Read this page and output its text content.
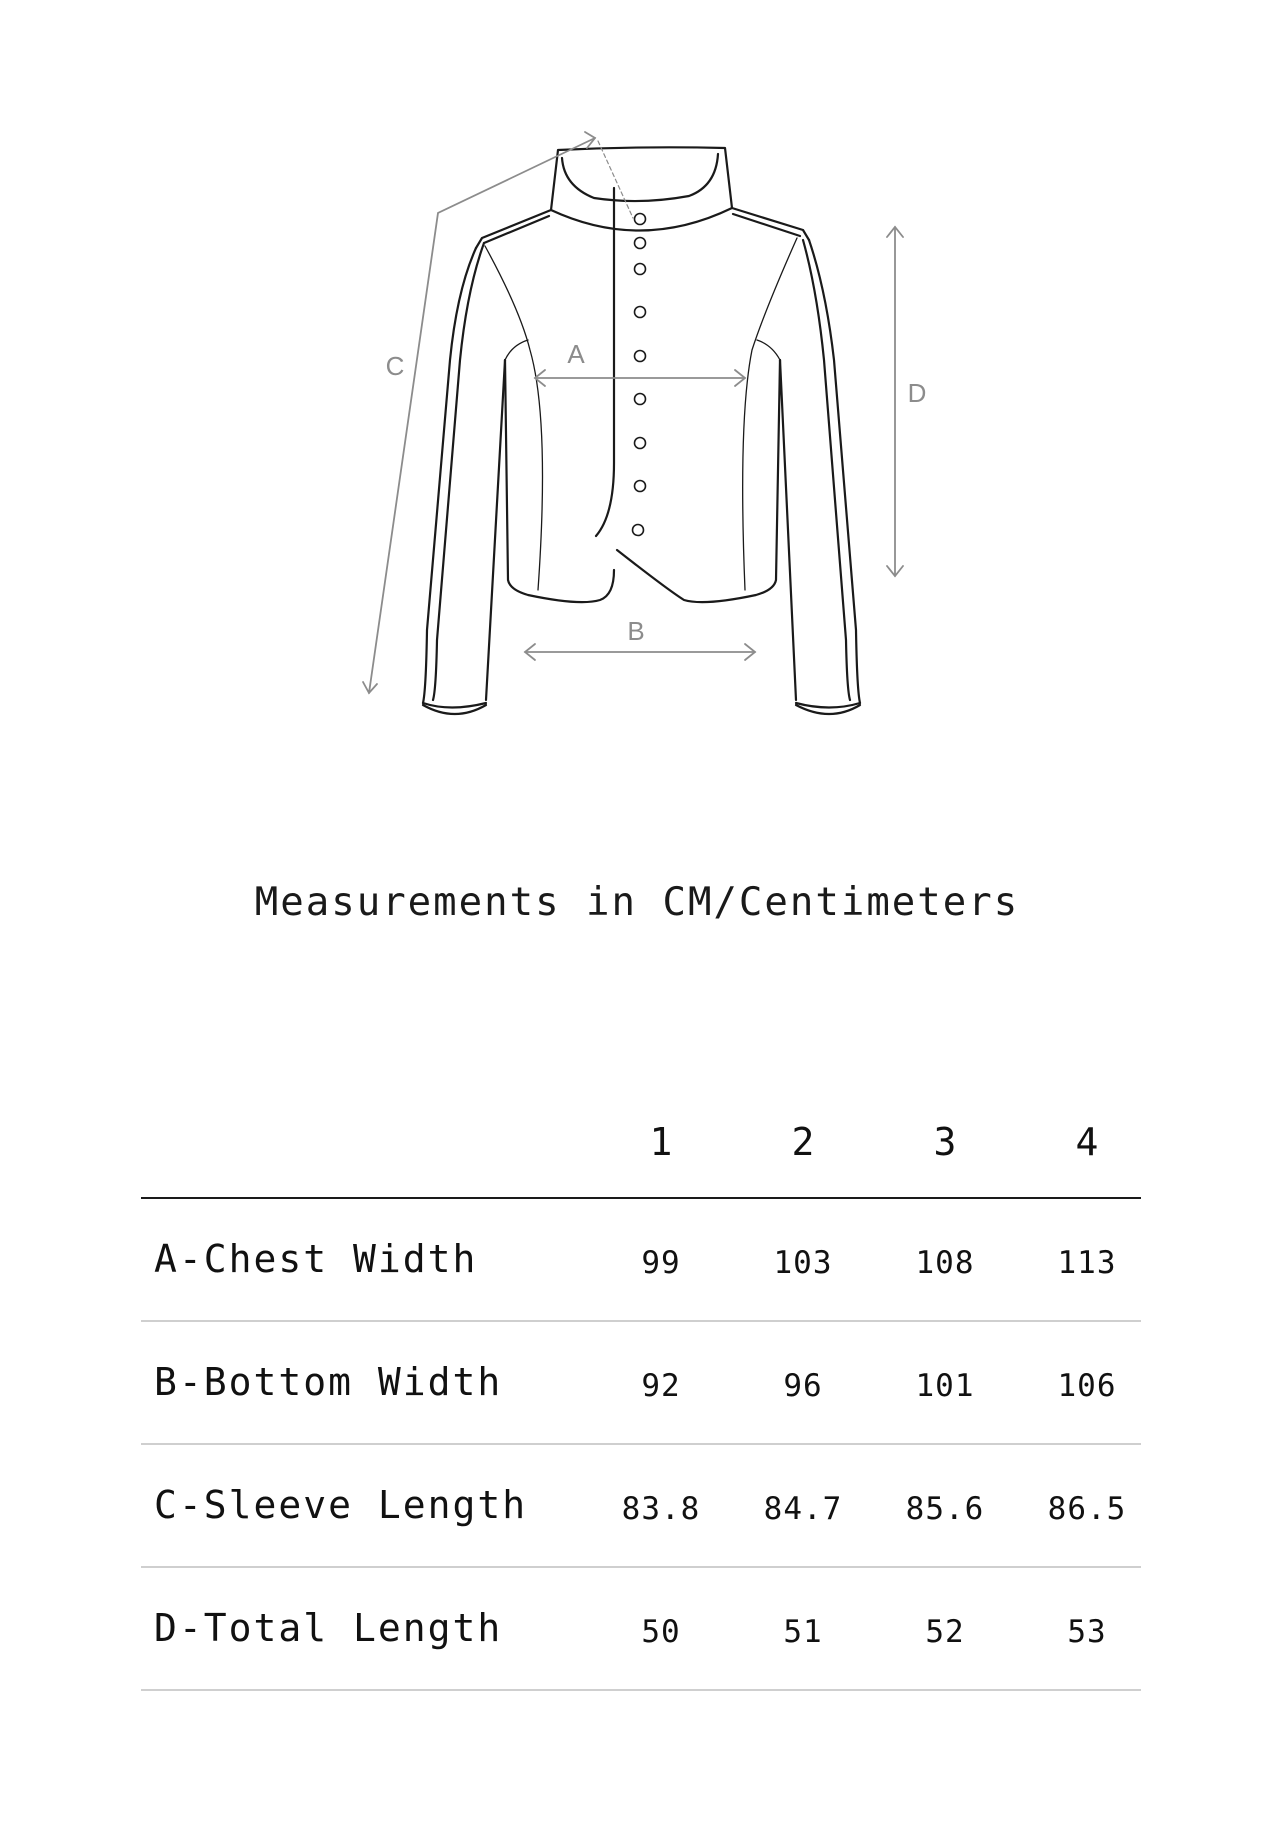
A
B
C
D
Measurements in CM/Centimeters
1	2	3	4
A-Chest Width	99	103	108	113
B-Bottom Width	92	96	101	106
C-Sleeve Length	83.8	84.7	85.6	86.5
D-Total Length	50	51	52	53
